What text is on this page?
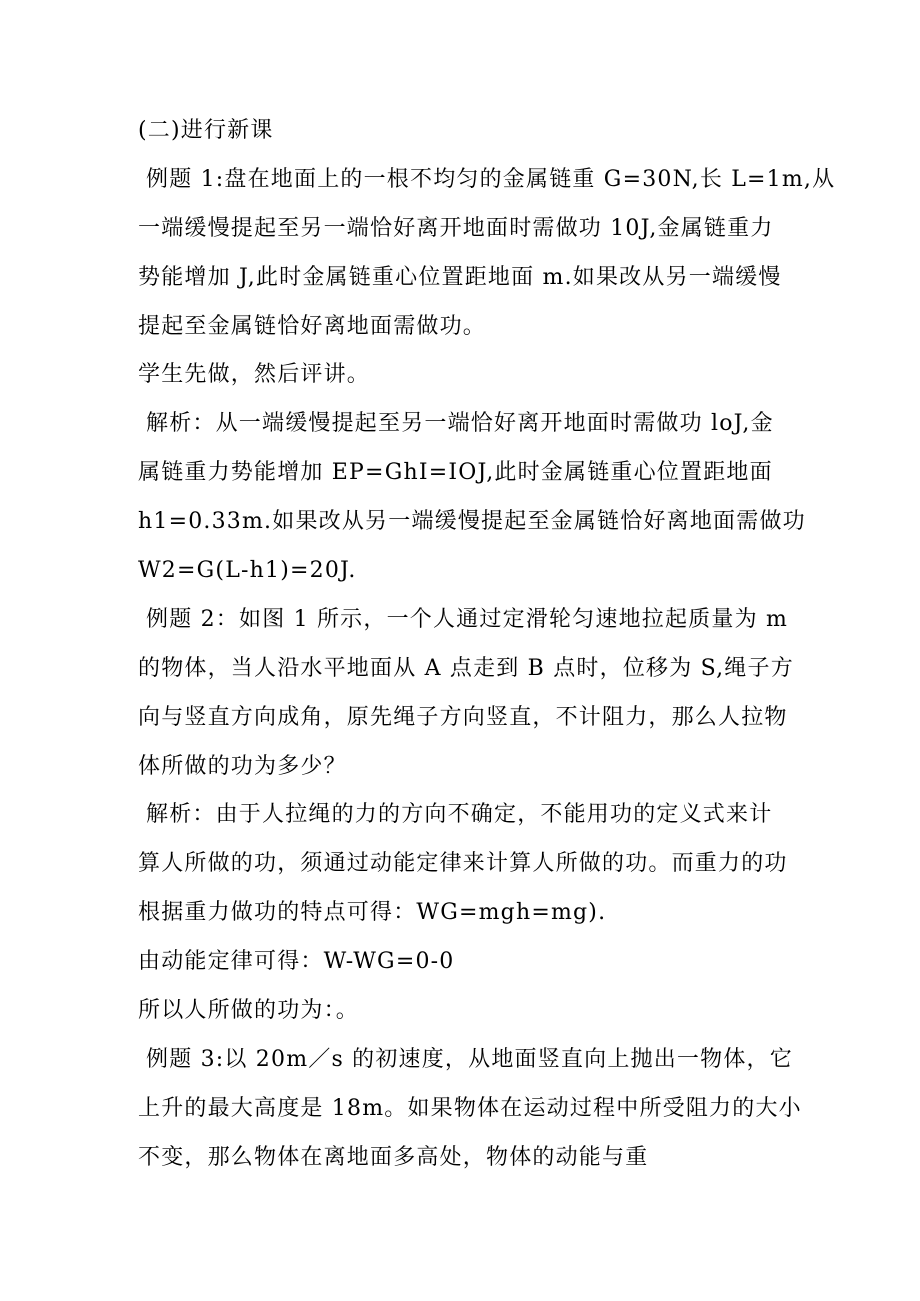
(二)进行新课
例题 1:盘在地面上的一根不均匀的金属链重 G=30N,长 L=1m,从
一端缓慢提起至另一端恰好离开地面时需做功 10J,金属链重力
势能增加 J,此时金属链重心位置距地面 m.如果改从另一端缓慢
提起至金属链恰好离地面需做功。
学生先做，然后评讲。
解析：从一端缓慢提起至另一端恰好离开地面时需做功 loJ,金
属链重力势能增加 EP=GhI=IOJ,此时金属链重心位置距地面
h1=0.33m.如果改从另一端缓慢提起至金属链恰好离地面需做功
W2=G(L-h1)=20J.
例题 2：如图 1 所示，一个人通过定滑轮匀速地拉起质量为 m
的物体，当人沿水平地面从 A 点走到 B 点时，位移为 S,绳子方
向与竖直方向成角，原先绳子方向竖直，不计阻力，那么人拉物
体所做的功为多少？
解析：由于人拉绳的力的方向不确定，不能用功的定义式来计
算人所做的功，须通过动能定律来计算人所做的功。而重力的功
根据重力做功的特点可得：WG=mgh=mg).
由动能定律可得：W-WG=0-0
所以人所做的功为：。
例题 3:以 20m／s 的初速度，从地面竖直向上抛出一物体，它
上升的最大高度是 18m。如果物体在运动过程中所受阻力的大小
不变，那么物体在离地面多高处，物体的动能与重
